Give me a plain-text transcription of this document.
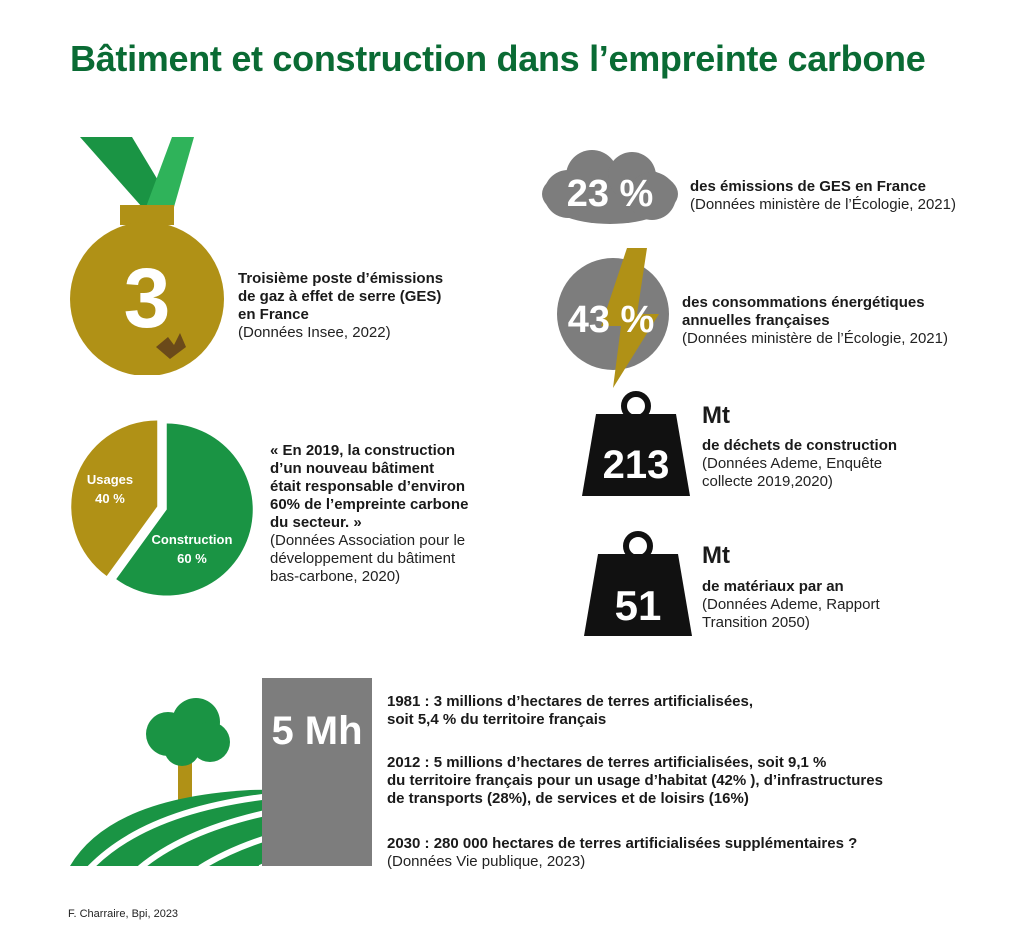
Bâtiment et construction dans l’empreinte carbone
3	Troisième poste d’émissions
de gaz à effet de serre (GES)
en France
(Données Insee, 2022)
23 % des émissions de GES en France
(Données ministère de l’Écologie, 2021)
43 % des consommations énergétiques
annuelles françaises
(Données ministère de l’Écologie, 2021)
213
Mt
de déchets de construction
(Données Ademe, Enquête
collecte 2019,2020)
51
Mt
de matériaux par an
(Données Ademe, Rapport
Transition 2050)
Construction
60 %
Usages
40 %
« En 2019, la construction
d’un nouveau bâtiment
était responsable d’environ
60% de l’empreinte carbone
du secteur. »
(Données Association pour le
développement du bâtiment
bas-carbone, 2020)
5 Mh
1981 : 3 millions d’hectares de terres artificialisées,
soit 5,4 % du territoire français
2012 : 5 millions d’hectares de terres artificialisées, soit 9,1 %
du territoire français pour un usage d’habitat (42% ), d’infrastructures
de transports (28%), de services et de loisirs (16%)
2030 : 280 000 hectares de terres artificialisées supplémentaires ?
(Données Vie publique, 2023)
F. Charraire, Bpi, 2023
